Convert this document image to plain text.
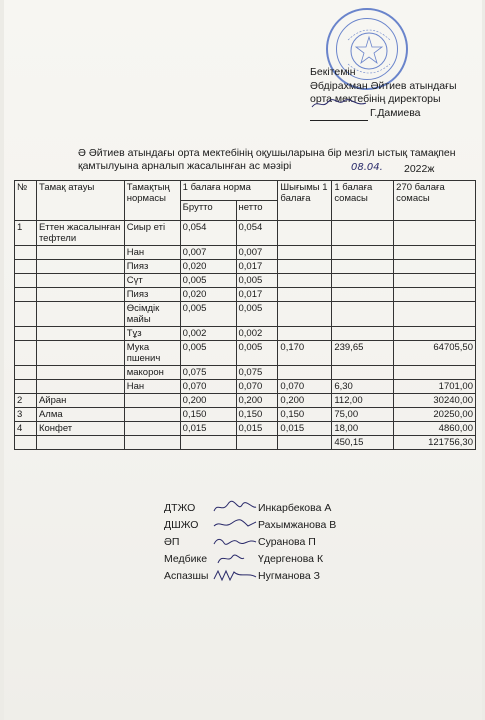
Бекітемін
Әбдірахман Әйтиев атындағы
орта мектебінің директоры
Г.Дамиева
Ә Әйтиев атындағы орта мектебінің оқушыларына бір мезгіл ыстық тамақпен қамтылуына арналып жасалынған ас мәзірі	08.04. 2022ж
№	Тамақ атауы	Тамақтың нормасы	1 балаға норма		Шығымы 1 балаға	1 балаға сомасы	270 балаға сомасы
			Брутто	нетто			
1	Еттен жасалынған тефтели	Сиыр еті	0,054	0,054			
		Нан	0,007	0,007			
		Пияз	0,020	0,017			
		Сүт	0,005	0,005			
		Пияз	0,020	0,017			
		Өсімдік майы	0,005	0,005			
		Тұз	0,002	0,002			
		Мука пшенич	0,005	0,005	0,170	239,65	64705,50
		макорон	0,075	0,075			
		Нан	0,070	0,070	0,070	6,30	1701,00
2	Айран		0,200	0,200	0,200	112,00	30240,00
3	Алма		0,150	0,150	0,150	75,00	20250,00
4	Конфет		0,015	0,015	0,015	18,00	4860,00
						450,15	121756,30
ДТЖО	Инкарбекова А
ДШЖО	Рахымжанова В
ӘП	Суранова П
Медбике	Үдергенова К
Аспазшы	Нугманова З
